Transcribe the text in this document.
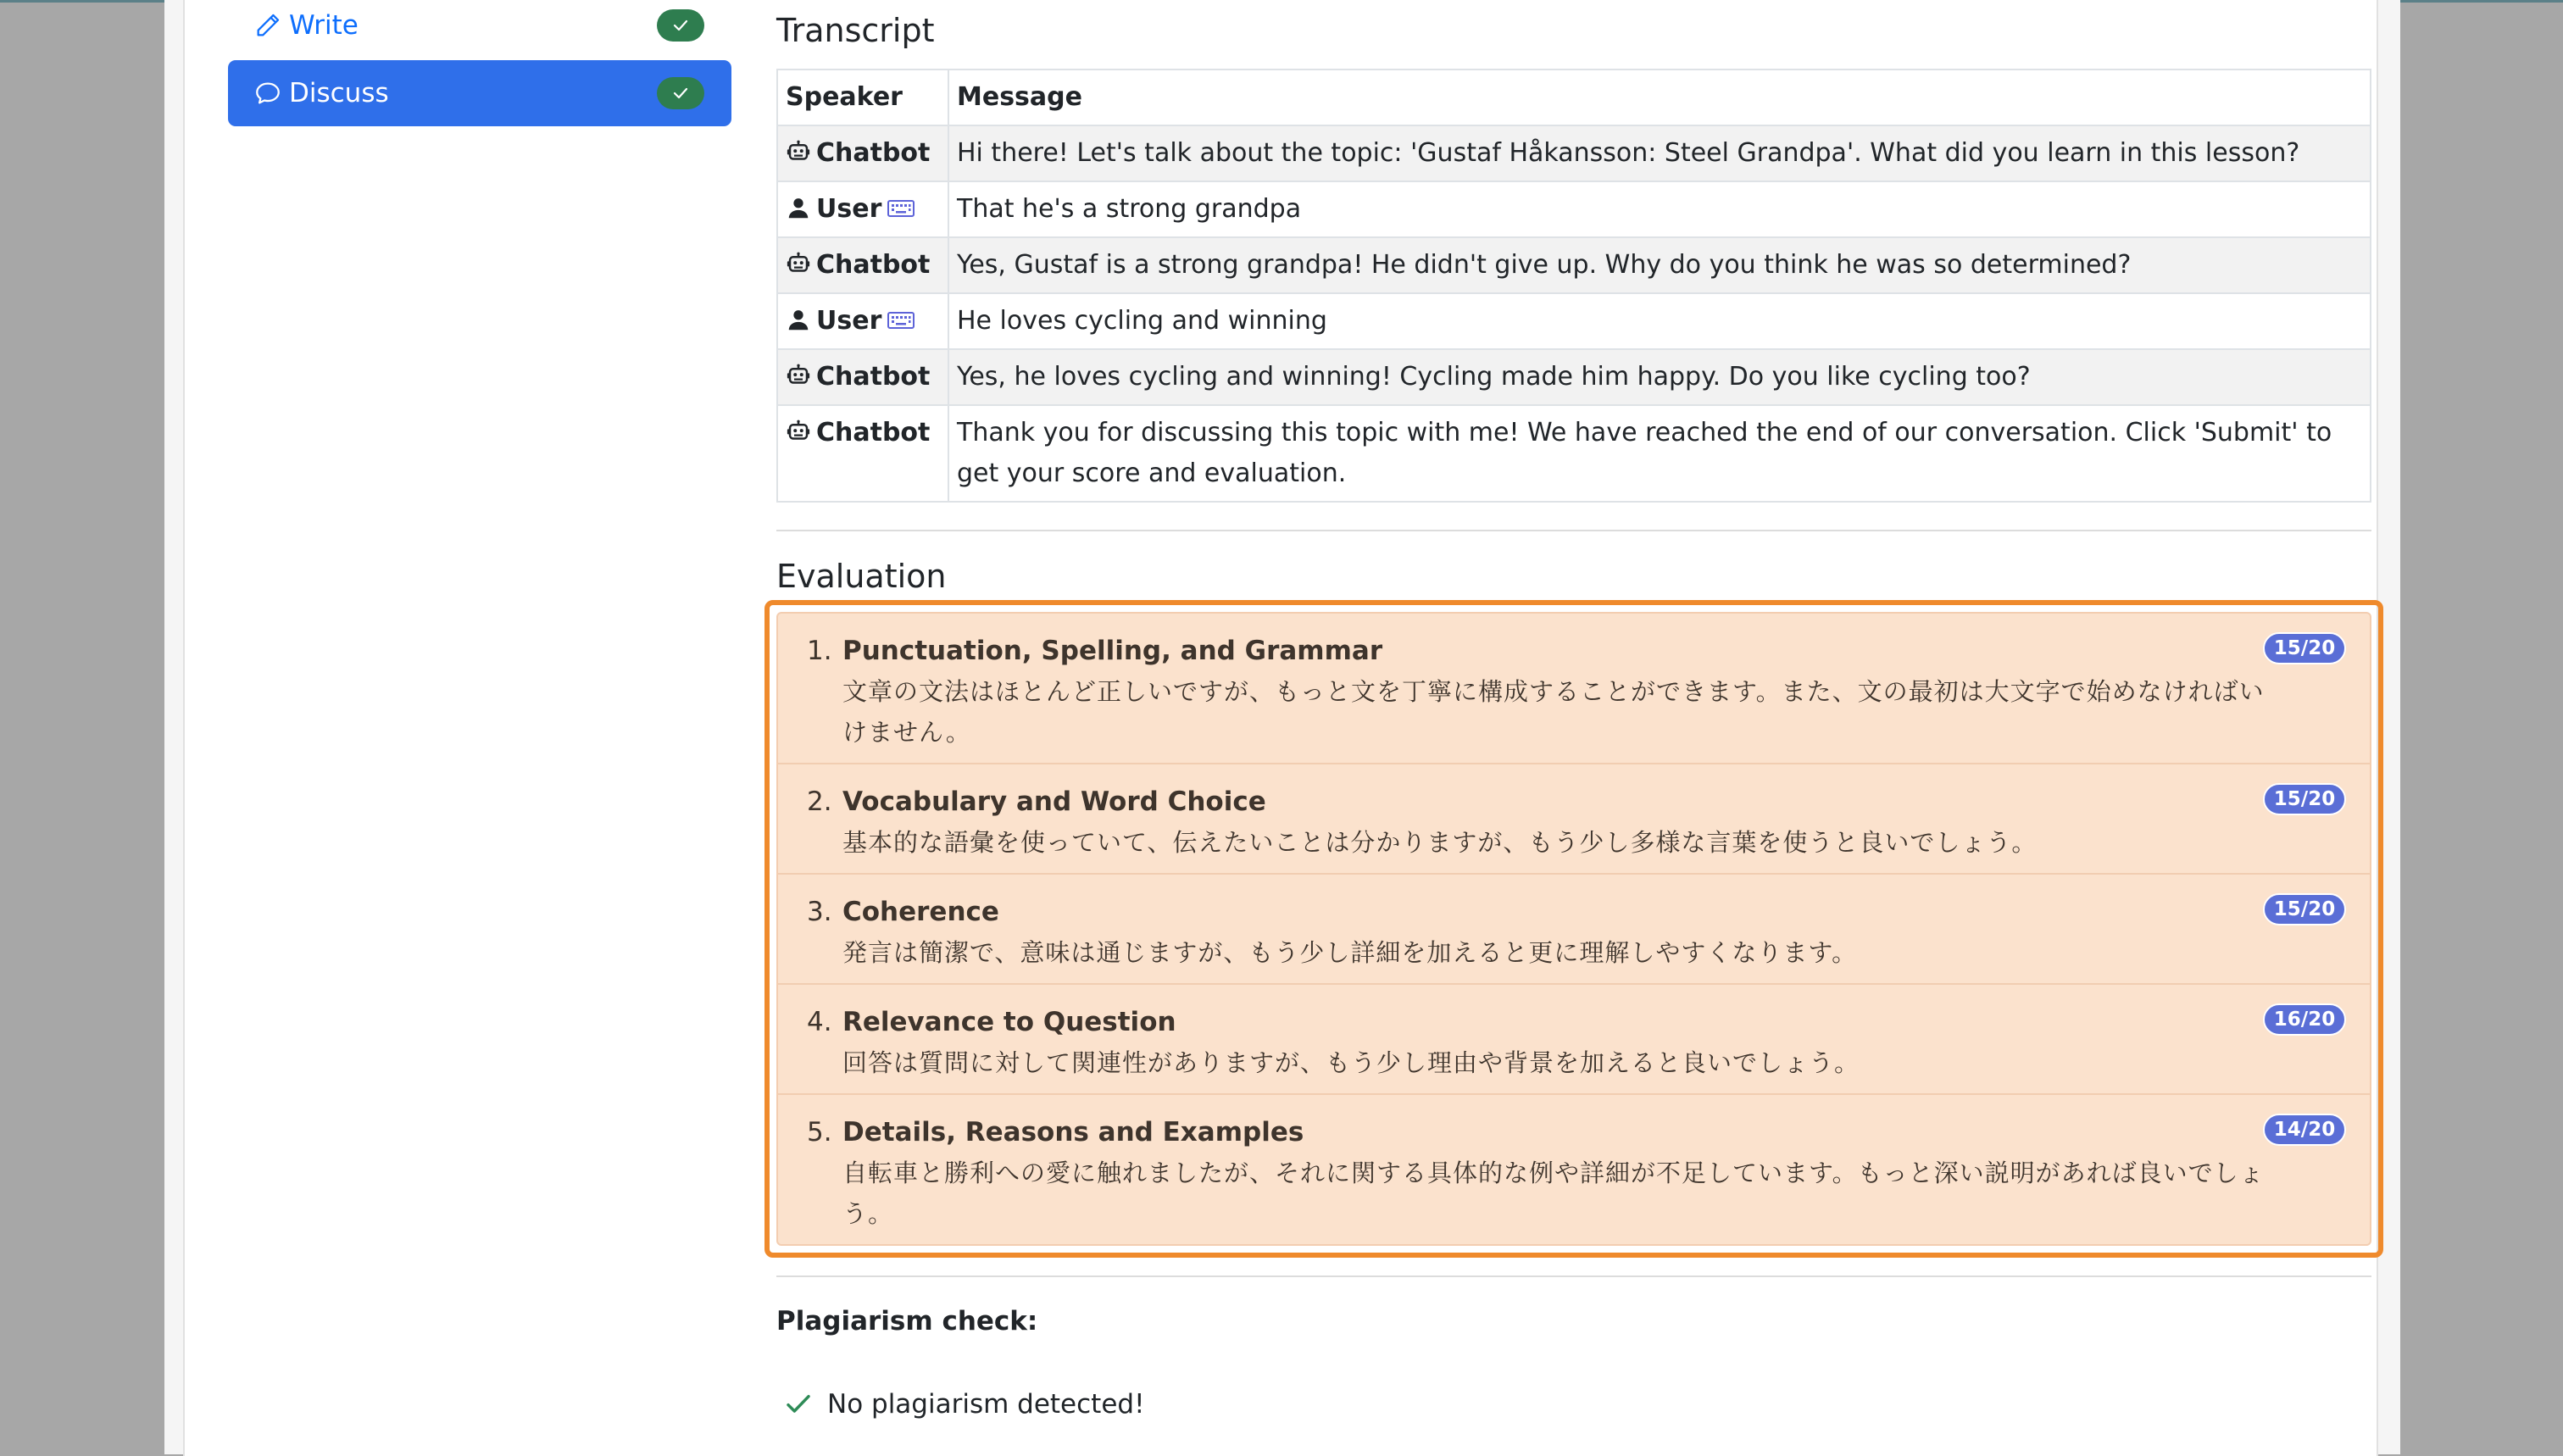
Write
Discuss
Transcript
Speaker	Message
Chatbot	Hi there! Let's talk about the topic: 'Gustaf Håkansson: Steel Grandpa'. What did you learn in this lesson?
User	That he's a strong grandpa
Chatbot	Yes, Gustaf is a strong grandpa! He didn't give up. Why do you think he was so determined?
User	He loves cycling and winning
Chatbot	Yes, he loves cycling and winning! Cycling made him happy. Do you like cycling too?
Chatbot	Thank you for discussing this topic with me! We have reached the end of our conversation. Click 'Submit' to get your score and evaluation.
Evaluation
1. Punctuation, Spelling, and Grammar
文章の文法はほとんど正しいですが、もっと文を丁寧に構成することができます。また、文の最初は大文字で始めなければいけません。
15/20
2. Vocabulary and Word Choice
基本的な語彙を使っていて、伝えたいことは分かりますが、もう少し多様な言葉を使うと良いでしょう。
15/20
3. Coherence
発言は簡潔で、意味は通じますが、もう少し詳細を加えると更に理解しやすくなります。
15/20
4. Relevance to Question
回答は質問に対して関連性がありますが、もう少し理由や背景を加えると良いでしょう。
16/20
5. Details, Reasons and Examples
自転車と勝利への愛に触れましたが、それに関する具体的な例や詳細が不足しています。もっと深い説明があれば良いでしょう。
14/20
Plagiarism check:
No plagiarism detected!
